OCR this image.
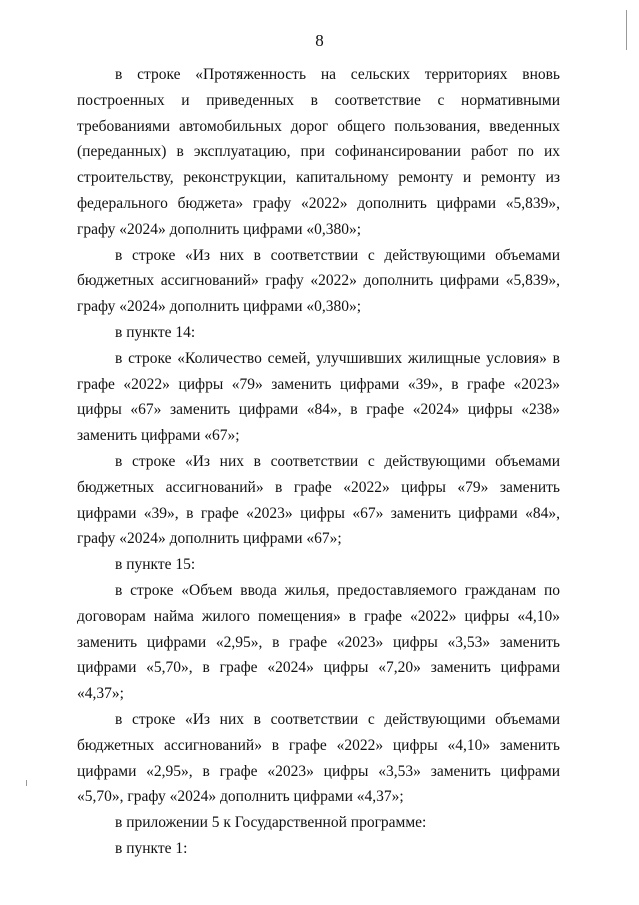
8

в строке «Протяженность на сельских территориях вновь построенных и приведенных в соответствие с нормативными требованиями автомобильных дорог общего пользования, введенных (переданных) в эксплуатацию, при софинансировании работ по их строительству, реконструкции, капитальному ремонту и ремонту из федерального бюджета» графу «2022» дополнить цифрами «5,839», графу «2024» дополнить цифрами «0,380»;

в строке «Из них в соответствии с действующими объемами бюджетных ассигнований» графу «2022» дополнить цифрами «5,839», графу «2024» дополнить цифрами «0,380»;

в пункте 14:

в строке «Количество семей, улучшивших жилищные условия» в графе «2022» цифры «79» заменить цифрами «39», в графе «2023» цифры «67» заменить цифрами «84», в графе «2024» цифры «238» заменить цифрами «67»;

в строке «Из них в соответствии с действующими объемами бюджетных ассигнований» в графе «2022» цифры «79» заменить цифрами «39», в графе «2023» цифры «67» заменить цифрами «84», графу «2024» дополнить цифрами «67»;

в пункте 15:

в строке «Объем ввода жилья, предоставляемого гражданам по договорам найма жилого помещения» в графе «2022» цифры «4,10» заменить цифрами «2,95», в графе «2023» цифры «3,53» заменить цифрами «5,70», в графе «2024» цифры «7,20» заменить цифрами «4,37»;

в строке «Из них в соответствии с действующими объемами бюджетных ассигнований» в графе «2022» цифры «4,10» заменить цифрами «2,95», в графе «2023» цифры «3,53» заменить цифрами «5,70», графу «2024» дополнить цифрами «4,37»;

в приложении 5 к Государственной программе:

в пункте 1:
